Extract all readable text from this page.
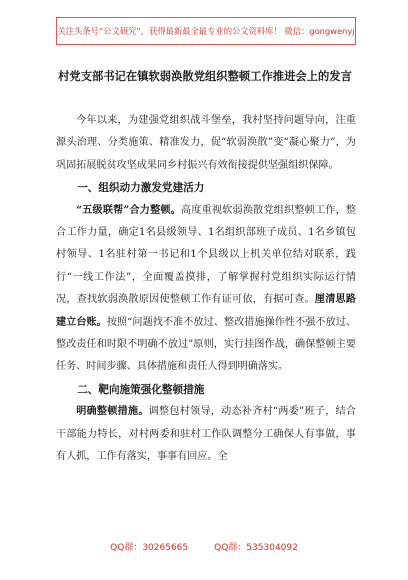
关注头条号“公文研究”，获得最新最全最专业的公文资料库！ 微信：gongwenyj
村党支部书记在镇软弱涣散党组织整顿工作推进会上的发言

今年以来，为建强党组织战斗堡垒，我村坚持问题导向，注重源头治理、分类施策、精准发力，促“软弱涣散”变“凝心聚力”，为巩固拓展脱贫攻坚成果同乡村振兴有效衔接提供坚强组织保障。

一、组织动力激发党建活力

“五级联帮”合力整顿。高度重视软弱涣散党组织整顿工作，整合工作力量，确定1名县级领导、1名组织部班子成员、1名乡镇包村领导、1名驻村第一书记和1个县级以上机关单位结对联系，践行“一线工作法”，全面覆盖摸排，了解掌握村党组织实际运行情况，查找软弱涣散原因使整顿工作有证可依，有据可查。厘清思路建立台账。按照“问题找不准不放过、整改措施操作性不强不放过、整改责任和时限不明确不放过”原则，实行挂图作战，确保整顿主要任务、时间步骤、具体措施和责任人得到明确落实。

二、靶向施策强化整顿措施

明确整顿措施。调整包村领导，动态补齐村“两委”班子，结合干部能力特长，对村两委和驻村工作队调整分工确保人有事做，事有人抓，工作有落实，事事有回应。全

QQ群：30265665	QQ群：535304092
